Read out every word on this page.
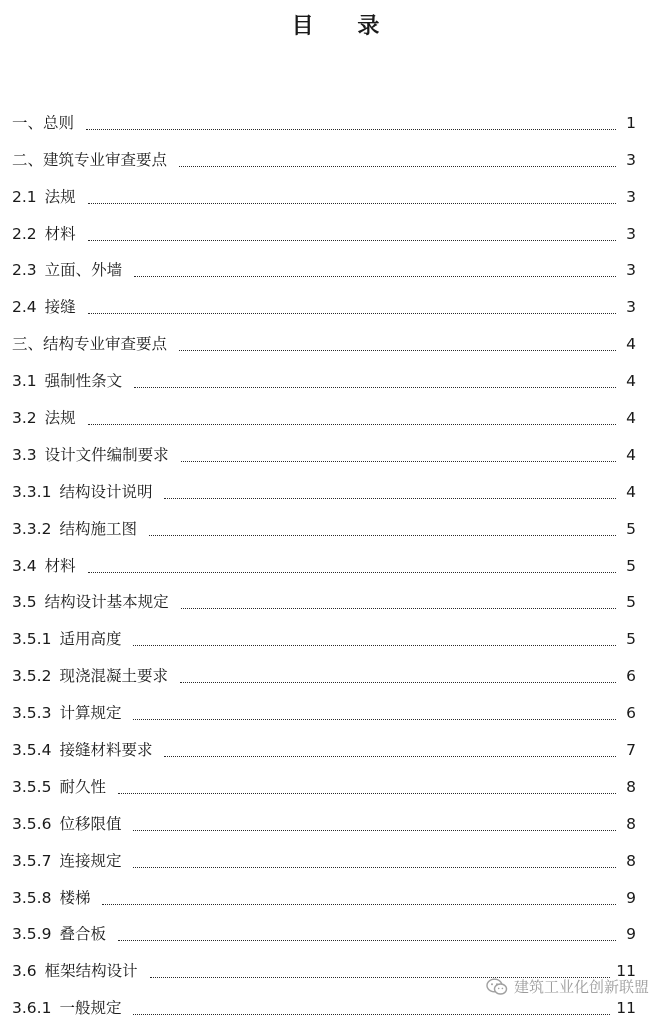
目 录
一、 总则	1
二、 建筑专业审查要点	3
2.1 法规	3
2.2 材料	3
2.3 立面、外墙	3
2.4 接缝	3
三、 结构专业审查要点	4
3.1 强制性条文	4
3.2 法规	4
3.3 设计文件编制要求	4
3.3.1 结构设计说明	4
3.3.2 结构施工图	5
3.4 材料	5
3.5 结构设计基本规定	5
3.5.1 适用高度	5
3.5.2 现浇混凝土要求	6
3.5.3 计算规定	6
3.5.4 接缝材料要求	7
3.5.5 耐久性	8
3.5.6 位移限值	8
3.5.7 连接规定	8
3.5.8 楼梯	9
3.5.9 叠合板	9
3.6 框架结构设计	11
3.6.1 一般规定	11
建筑工业化创新联盟
